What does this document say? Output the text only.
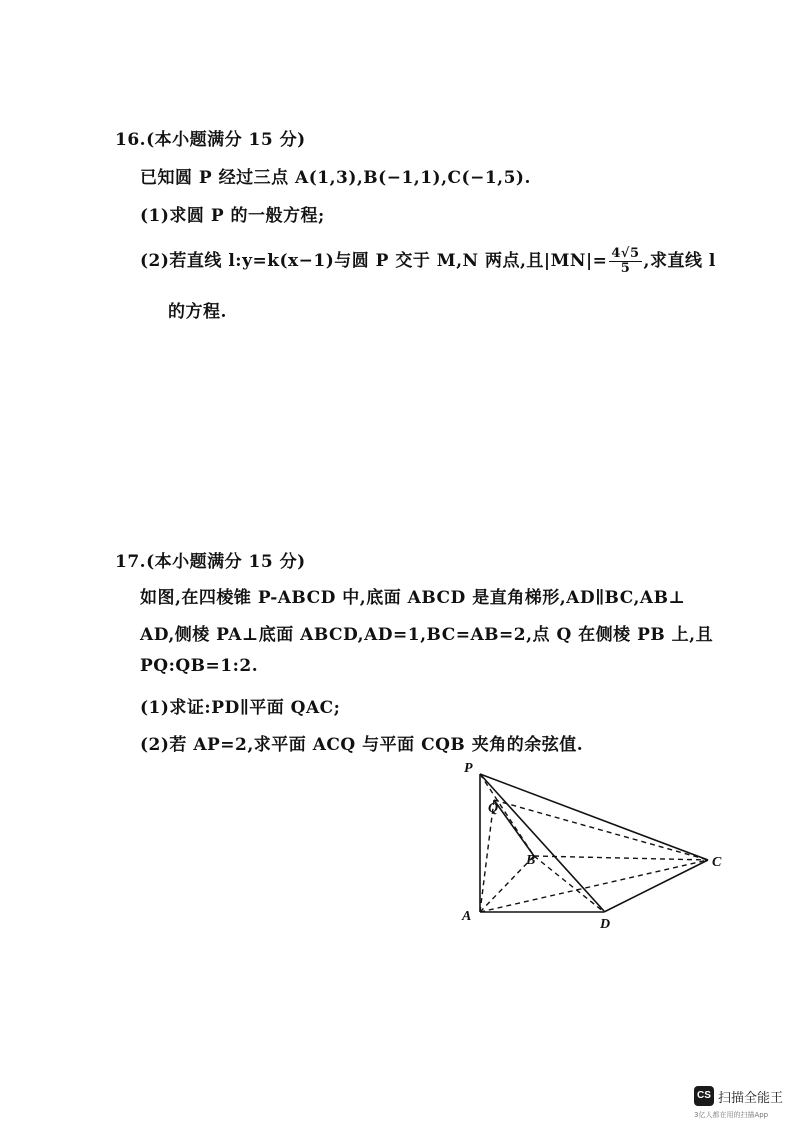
16.(本小题满分 15 分)
已知圆 P 经过三点 A(1,3),B(−1,1),C(−1,5).
(1)求圆 P 的一般方程;
(2)若直线 l:y=k(x−1)与圆 P 交于 M,N 两点,且$|MN|= \frac{4√5}{5}$ ,求直线 l
的方程.
17.(本小题满分 15 分)
如图,在四棱锥 P-ABCD 中,底面 ABCD 是直角梯形,AD∥BC,AB⊥
AD,侧棱 PA⊥底面 ABCD,AD=1,BC=AB=2,点 Q 在侧棱 PB 上,且
PQ:QB=1:2.
(1)求证:PD∥平面 QAC;
(2)若 AP=2,求平面 ACQ 与平面 CQB 夹角的余弦值.
P
Q
B	C
A
D
CS 扫描全能王
3亿人都在用的扫描App
